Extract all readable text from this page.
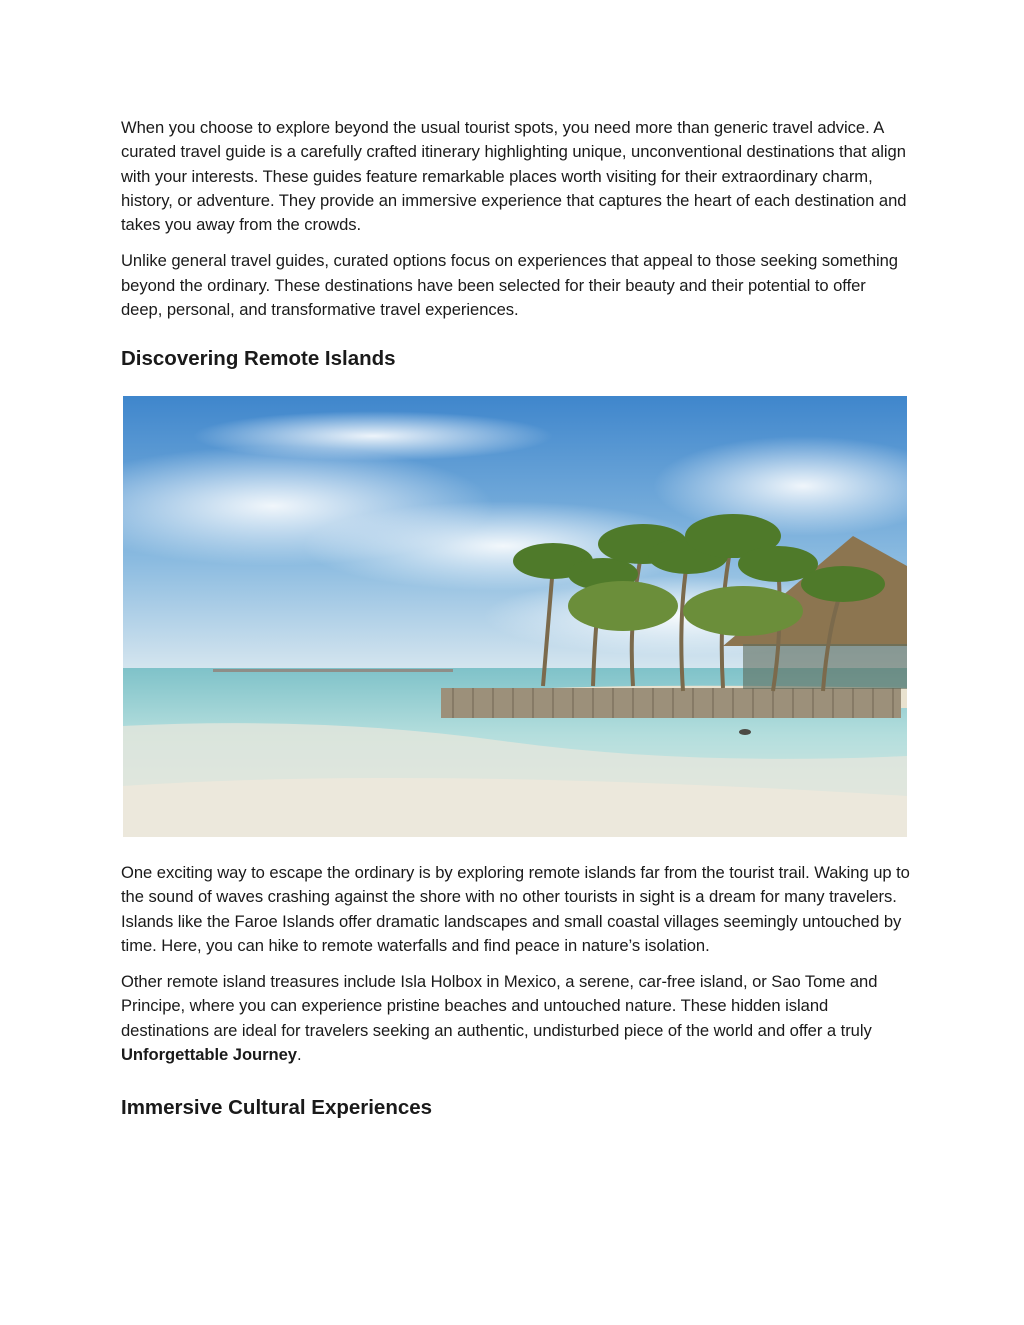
When you choose to explore beyond the usual tourist spots, you need more than generic travel advice. A curated travel guide is a carefully crafted itinerary highlighting unique, unconventional destinations that align with your interests. These guides feature remarkable places worth visiting for their extraordinary charm, history, or adventure. They provide an immersive experience that captures the heart of each destination and takes you away from the crowds.

Unlike general travel guides, curated options focus on experiences that appeal to those seeking something beyond the ordinary. These destinations have been selected for their beauty and their potential to offer deep, personal, and transformative travel experiences.

Discovering Remote Islands

One exciting way to escape the ordinary is by exploring remote islands far from the tourist trail. Waking up to the sound of waves crashing against the shore with no other tourists in sight is a dream for many travelers. Islands like the Faroe Islands offer dramatic landscapes and small coastal villages seemingly untouched by time. Here, you can hike to remote waterfalls and find peace in nature’s isolation.

Other remote island treasures include Isla Holbox in Mexico, a serene, car-free island, or Sao Tome and Principe, where you can experience pristine beaches and untouched nature. These hidden island destinations are ideal for travelers seeking an authentic, undisturbed piece of the world and offer a truly Unforgettable Journey.

Immersive Cultural Experiences
